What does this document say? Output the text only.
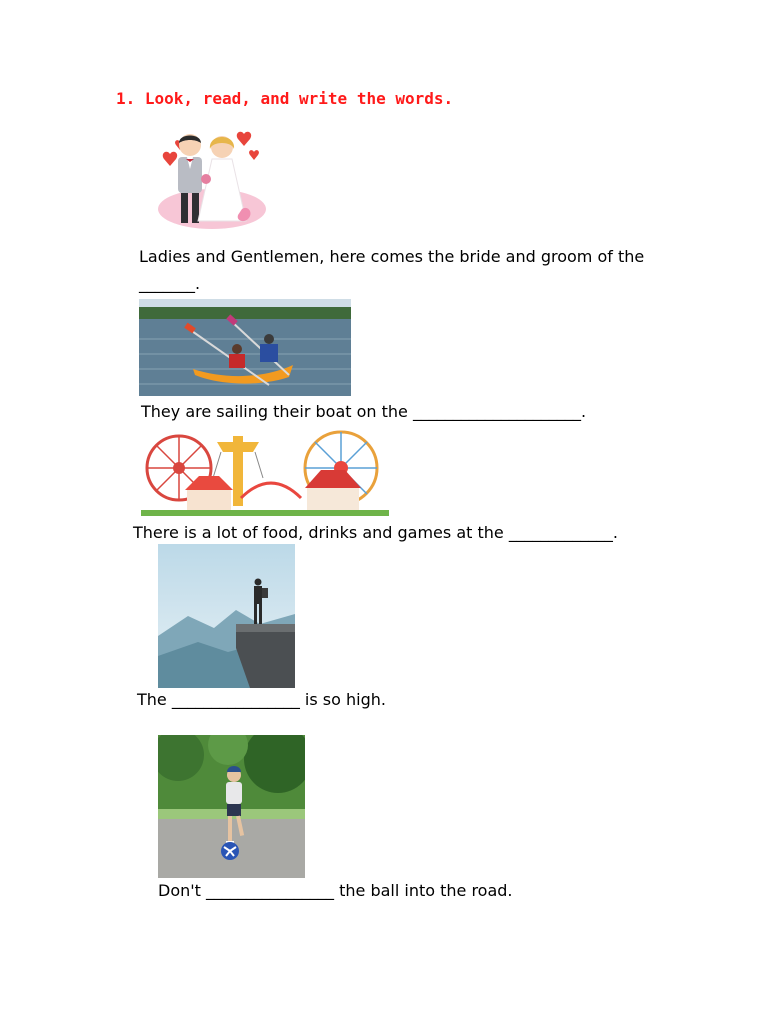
1. Look, read, and write the words.
Ladies and Gentlemen, here comes the bride and groom of the
_______.
They are sailing their boat on the _____________________.
There is a lot of food, drinks and games at the _____________.
The ________________ is so high.
Don't ________________ the ball into the road.
